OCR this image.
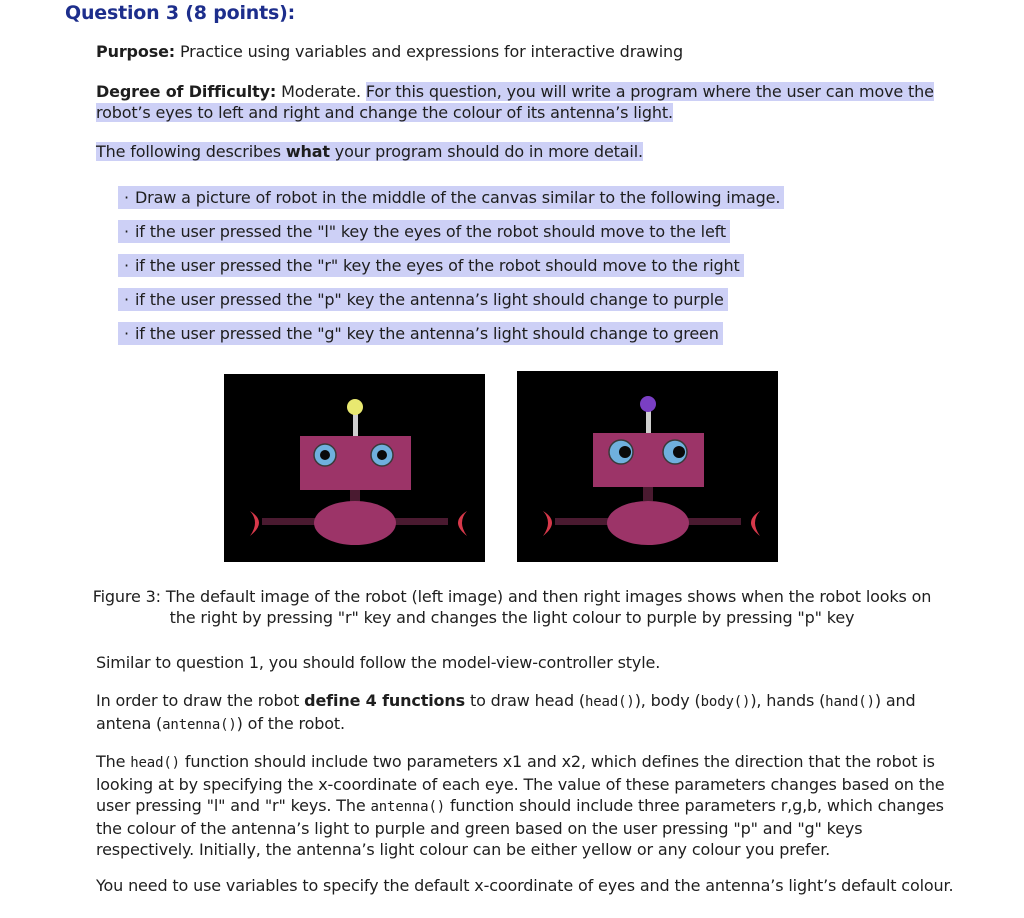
Question 3 (8 points):

Purpose: Practice using variables and expressions for interactive drawing

Degree of Difficulty: Moderate. For this question, you will write a program where the user can move the robot’s eyes to left and right and change the colour of its antenna’s light.

The following describes what your program should do in more detail.

· Draw a picture of robot in the middle of the canvas similar to the following image.
· if the user pressed the "l" key the eyes of the robot should move to the left
· if the user pressed the "r" key the eyes of the robot should move to the right
· if the user pressed the "p" key the antenna’s light should change to purple
· if the user pressed the "g" key the antenna’s light should change to green

Figure 3: The default image of the robot (left image) and then right images shows when the robot looks on
the right by pressing "r" key and changes the light colour to purple by pressing "p" key

Similar to question 1, you should follow the model-view-controller style.

In order to draw the robot define 4 functions to draw head (head()), body (body()), hands (hand()) and
antena (antenna()) of the robot.

The head() function should include two parameters x1 and x2, which defines the direction that the robot is looking at by specifying the x-coordinate of each eye. The value of these parameters changes based on the user pressing "l" and "r" keys. The antenna() function should include three parameters r,g,b, which changes the colour of the antenna’s light to purple and green based on the user pressing "p" and "g" keys respectively. Initially, the antenna’s light colour can be either yellow or any colour you prefer.

You need to use variables to specify the default x-coordinate of eyes and the antenna’s light’s default colour.
